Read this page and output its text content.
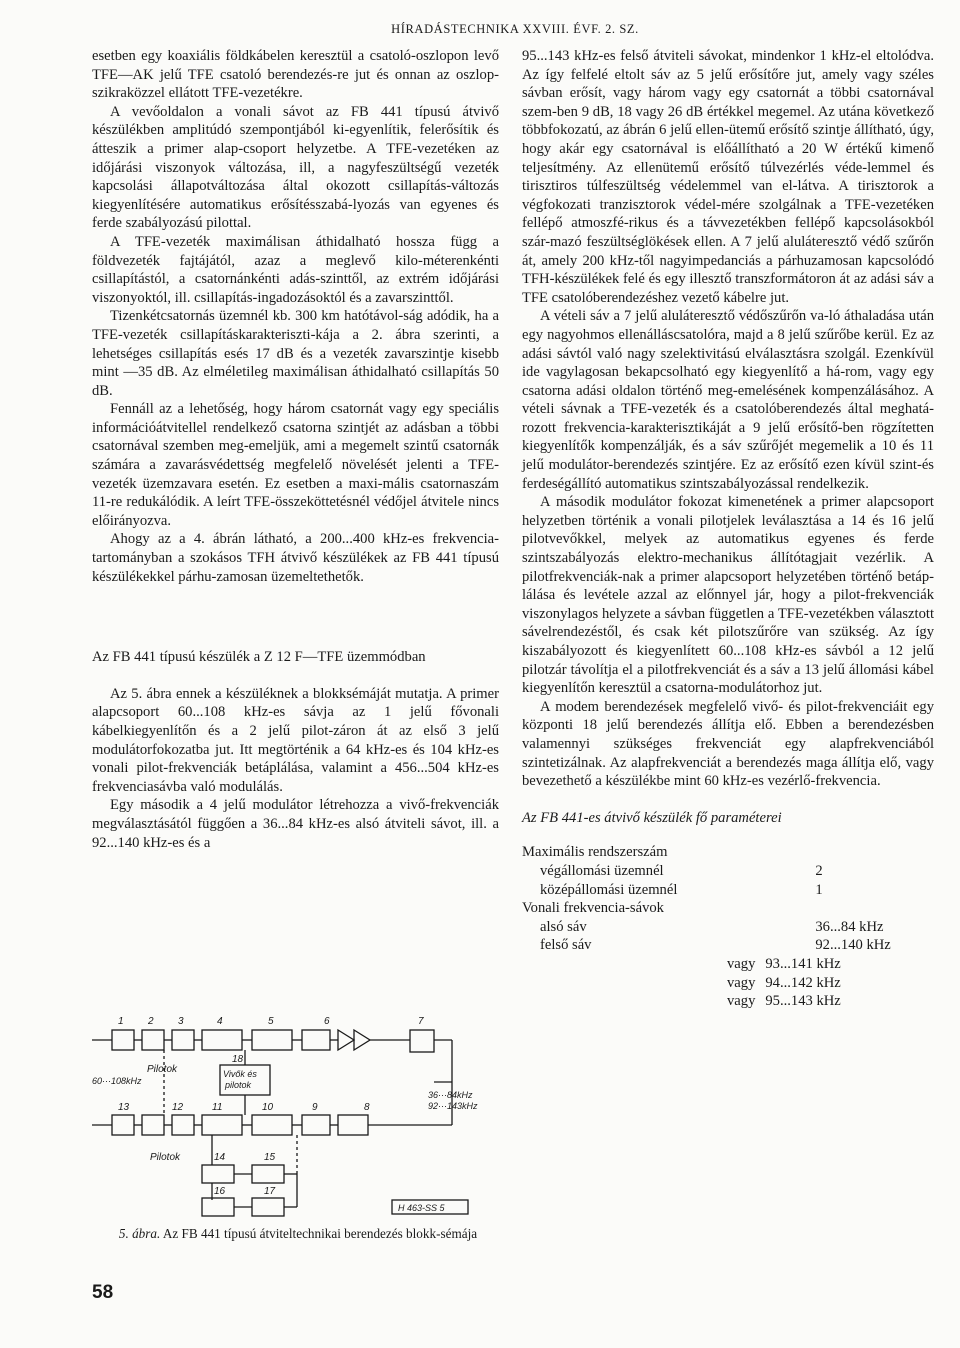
HÍRADÁSTECHNIKA XXVIII. ÉVF. 2. SZ.

esetben egy koaxiális földkábelen keresztül a csatoló-oszlopon levő TFE—AK jelű TFE csatoló berendezés-re jut és onnan az oszlop-szikraközzel ellátott TFE-vezetékre.

A vevőoldalon a vonali sávot az FB 441 típusú átvivő készülékben amplitúdó szempontjából ki-egyenlítik, felerősítik és átteszik a primer alap-csoport helyzetbe. A TFE-vezetéken az időjárási viszonyok változása, ill, a nagyfeszültségű vezeték kapcsolási állapotváltozása által okozott csillapítás-változás kiegyenlítésére automatikus erősítésszabá-lyozás van egyenes és ferde szabályozású pilottal.

A TFE-vezeték maximálisan áthidalható hossza függ a földvezeték fajtájától, azaz a meglevő kilo-méterenkénti csillapítástól, a csatornánkénti adás-szinttől, az extrém időjárási viszonyoktól, ill. csillapítás-ingadozásoktól és a zavarszinttől.

Tizenkétcsatornás üzemnél kb. 300 km hatótávol-ság adódik, ha a TFE-vezeték csillapításkarakteriszti-kája a 2. ábra szerinti, a lehetséges csillapítás esés 17 dB és a vezeték zavarszintje kisebb mint —35 dB. Az elméletileg maximálisan áthidalható csillapítás 50 dB.

Fennáll az a lehetőség, hogy három csatornát vagy egy speciális információátvitellel rendelkező csatorna szintjét az adásban a többi csatornával szemben meg-emeljük, ami a megemelt szintű csatornák számára a zavarásvédettség megfelelő növelését jelenti a TFE-vezeték üzemzavara esetén. Ez esetben a maxi-mális csatornaszám 11-re redukálódik. A leírt TFE-összeköttetésnél védőjel átvitele nincs előirányozva.

Ahogy az a 4. ábrán látható, a 200...400 kHz-es frekvencia-tartományban a szokásos TFH átvivő készülékek az FB 441 típusú készülékekkel párhu-zamosan üzemeltethetők.

Az FB 441 típusú készülék a Z 12 F—TFE üzemmódban

Az 5. ábra ennek a készüléknek a blokksémáját mutatja. A primer alapcsoport 60...108 kHz-es sávja az 1 jelű fővonali kábelkiegyenlítőn és a 2 jelű pilot-záron át az első 3 jelű modulátorfokozatba jut. Itt megtörténik a 64 kHz-es és 104 kHz-es vonali pilot-frekvenciák betáplálása, valamint a 456...504 kHz-es frekvenciasávba való modulálás.

Egy második a 4 jelű modulátor létrehozza a vivő-frekvenciák megválasztásától függően a 36...84 kHz-es alsó átviteli sávot, ill. a 92...140 kHz-es és a

95...143 kHz-es felső átviteli sávokat, mindenkor 1 kHz-el eltolódva. Az így felfelé eltolt sáv az 5 jelű erősítőre jut, amely vagy széles sávban erősít, vagy három vagy egy csatornát a többi csatornával szem-ben 9 dB, 18 vagy 26 dB értékkel megemel. Az utána következő többfokozatú, az ábrán 6 jelű ellen-ütemű erősítő szintje állítható, úgy, hogy akár egy csatornával is előállítható a 20 W értékű kimenő teljesítmény. Az ellenütemű erősítő túlvezérlés véde-lemmel és tirisztiros túlfeszültség védelemmel van el-látva. A tirisztorok a végfokozati tranzisztorok védel-mére szolgálnak a TFE-vezetéken fellépő atmoszfé-rikus és a távvezetékben fellépő kapcsolásokból szár-mazó feszültséglökések ellen. A 7 jelű aluláteresztő védő szűrőn át, amely 200 kHz-től nagyimpedanciás a párhuzamosan kapcsolódó TFH-készülékek felé és egy illesztő transzformátoron át az adási sáv a TFE csatolóberendezéshez vezető kábelre jut.

A vételi sáv a 7 jelű aluláteresztő védőszűrőn va-ló áthaladása után egy nagyohmos ellenálláscsatolóra, majd a 8 jelű szűrőbe kerül. Ez az adási sávtól való nagy szelektivitású elválasztásra szolgál. Ezenkívül ide vagylagosan bekapcsolható egy kiegyenlítő a há-rom, vagy egy csatorna adási oldalon történő meg-emelésének kompenzálásához. A vételi sávnak a TFE-vezeték és a csatolóberendezés által meghatá-rozott frekvencia-karakterisztikáját a 9 jelű erősítő-ben rögzítetten kiegyenlítők kompenzálják, és a sáv szűrőjét megemelik a 10 és 11 jelű modulátor-berendezés szintjére. Ez az erősítő ezen kívül szint-és ferdeségállító automatikus szintszabályozással rendelkezik.

A második modulátor fokozat kimenetének a primer alapcsoport helyzetben történik a vonali pilotjelek leválasztása a 14 és 16 jelű pilotvevőkkel, melyek az automatikus egyenes és ferde szintszabályozás elektro-mechanikus állítótagjait vezérlik. A pilotfrekvenciák-nak a primer alapcsoport helyzetében történő betáp-lálása és levétele azzal az előnnyel jár, hogy a pilot-frekvenciák viszonylagos helyzete a sávban független a TFE-vezetékben választott sávelrendezéstől, és csak két pilotszűrőre van szükség. Az így kiszabályozott és kiegyenlített 60...108 kHz-es sávból a 12 jelű pilotzár távolítja el a pilotfrekvenciát és a sáv a 13 jelű állomási kábel kiegyenlítőn keresztül a csatorna-modulátorhoz jut.

A modem berendezések megfelelő vivő- és pilot-frekvenciáit egy központi 18 jelű berendezés állítja elő. Ebben a berendezésben valamennyi szükséges frekvenciát egy alapfrekvenciából szintetizálnak. Az alapfrekvenciát a berendezés maga állítja elő, vagy bevezethető a készülékbe mint 60 kHz-es vezérlő-frekvencia.

Az FB 441-es átvivő készülék fő paraméterei

Maximális rendszerszám	
végállomási üzemnél	2
középállomási üzemnél	1
Vonali frekvencia-sávok	
alsó sáv	36...84 kHz
felső sáv	92...140 kHz
vagy	93...141 kHz
vagy	94...142 kHz
vagy	95...143 kHz
1 2 3	4	5	6	7
8
9
10
11
12
13
14	15
16	17
18
Pilotok
Pilotok
60···108kHz
Vivők és
pilotok
36···84kHz
92···143kHz
H 463-SS 5
5. ábra. Az FB 441 típusú átviteltechnikai berendezés blokk-sémája
58
